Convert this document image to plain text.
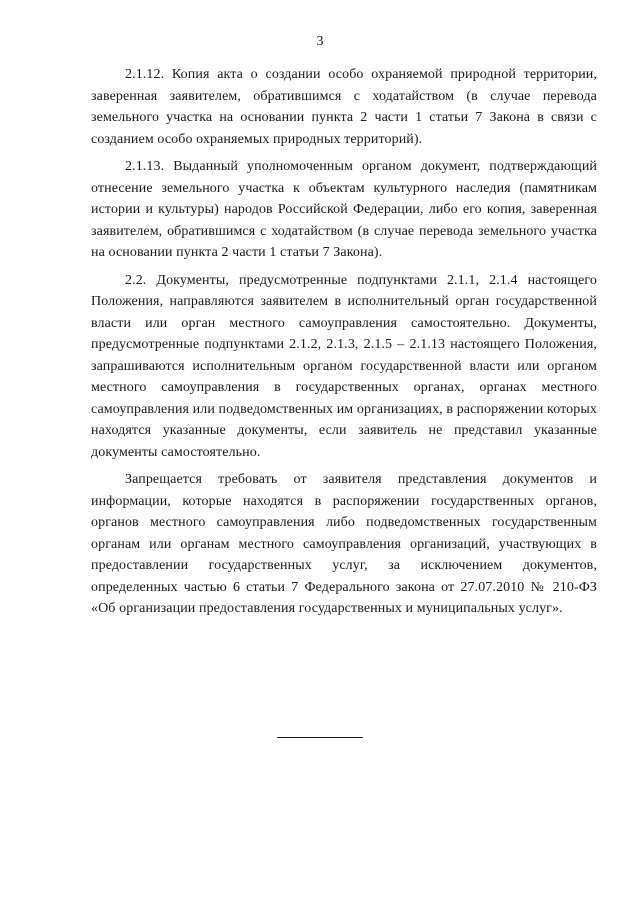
3

2.1.12. Копия акта о создании особо охраняемой природной территории, заверенная заявителем, обратившимся с ходатайством (в случае перевода земельного участка на основании пункта 2 части 1 статьи 7 Закона в связи с созданием особо охраняемых природных территорий).

2.1.13. Выданный уполномоченным органом документ, подтверждающий отнесение земельного участка к объектам культурного наследия (памятникам истории и культуры) народов Российской Федерации, либо его копия, заверенная заявителем, обратившимся с ходатайством (в случае перевода земельного участка на основании пункта 2 части 1 статьи 7 Закона).

2.2. Документы, предусмотренные подпунктами 2.1.1, 2.1.4 настоящего Положения, направляются заявителем в исполнительный орган государственной власти или орган местного самоуправления самостоятельно. Документы, предусмотренные подпунктами 2.1.2, 2.1.3, 2.1.5 – 2.1.13 настоящего Положения, запрашиваются исполнительным органом государственной власти или органом местного самоуправления в государственных органах, органах местного самоуправления или подведомственных им организациях, в распоряжении которых находятся указанные документы, если заявитель не представил указанные документы самостоятельно.

Запрещается требовать от заявителя представления документов и информации, которые находятся в распоряжении государственных органов, органов местного самоуправления либо подведомственных государственным органам или органам местного самоуправления организаций, участвующих в предоставлении государственных услуг, за исключением документов, определенных частью 6 статьи 7 Федерального закона от 27.07.2010 № 210-ФЗ «Об организации предоставления государственных и муниципальных услуг».
